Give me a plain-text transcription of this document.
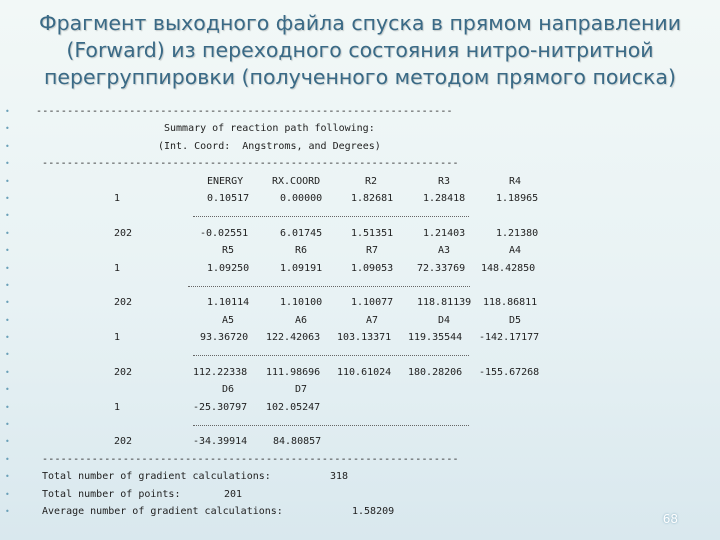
Фрагмент выходного файла спуска в прямом направлении
(Forward) из переходного состояния нитро-нитритной
перегруппировки (полученного методом прямого поиска)
•
•
•
•
•
•
•
•
•
•
•
•
•
•
•
•
•
•
•
•
•
•
•
•
-------------------------------------------------------------------
Summary of reaction path following:
(Int. Coord:  Angstroms, and Degrees)
-------------------------------------------------------------------
ENERGY	RX.COORD	R2	R3	R4
1	0.10517	0.00000	1.82681	1.28418	1.18965
202	-0.02551	6.01745	1.51351	1.21403	1.21380
R5	R6	R7	A3	A4
1	1.09250	1.09191	1.09053 72.33769 148.42850
202	1.10114	1.10100	1.10077 118.81139 118.86811
A5	A6	A7	D4	D5
1	93.36720 122.42063 103.13371 119.35544 -142.17177
202	112.22338 111.98696 110.61024 180.28206 -155.67268
D6	D7
1	-25.30797 102.05247
202	-34.39914	84.80857
-------------------------------------------------------------------
Total number of gradient calculations:	318
Total number of points:	201
Average number of gradient calculations:	1.58209
68
